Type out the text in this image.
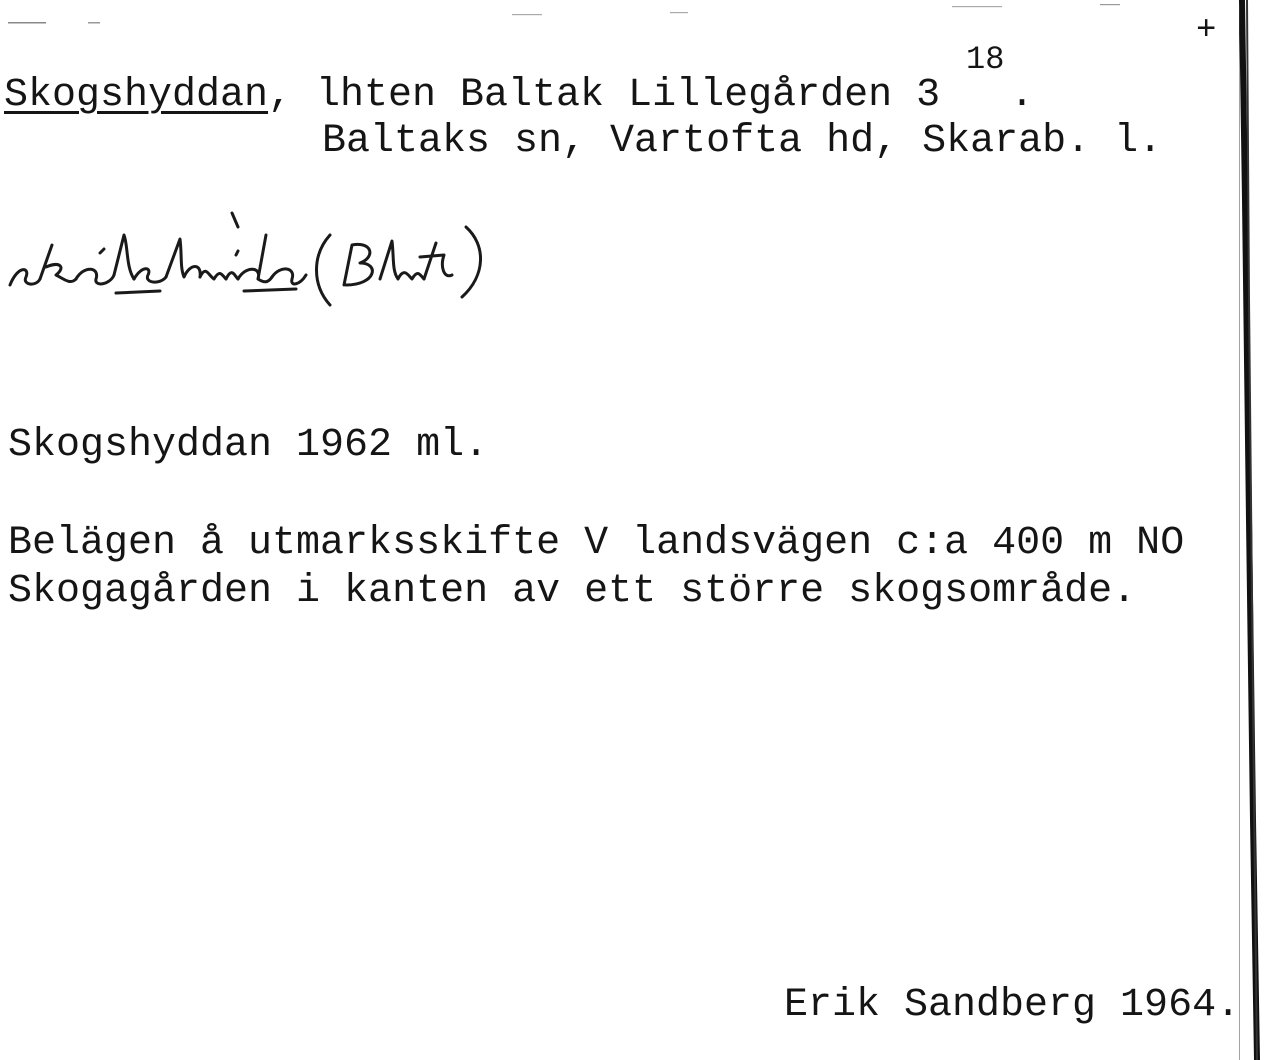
+
Skogshyddan , lhten Baltak Lillegården 3
18
.
Baltaks sn, Vartofta hd, Skarab. l.
Skogshyddan 1962 ml.
Belägen å utmarksskifte V landsvägen c:a 400 m NO
Skogagården i kanten av ett större skogsområde.
Erik Sandberg 1964.
